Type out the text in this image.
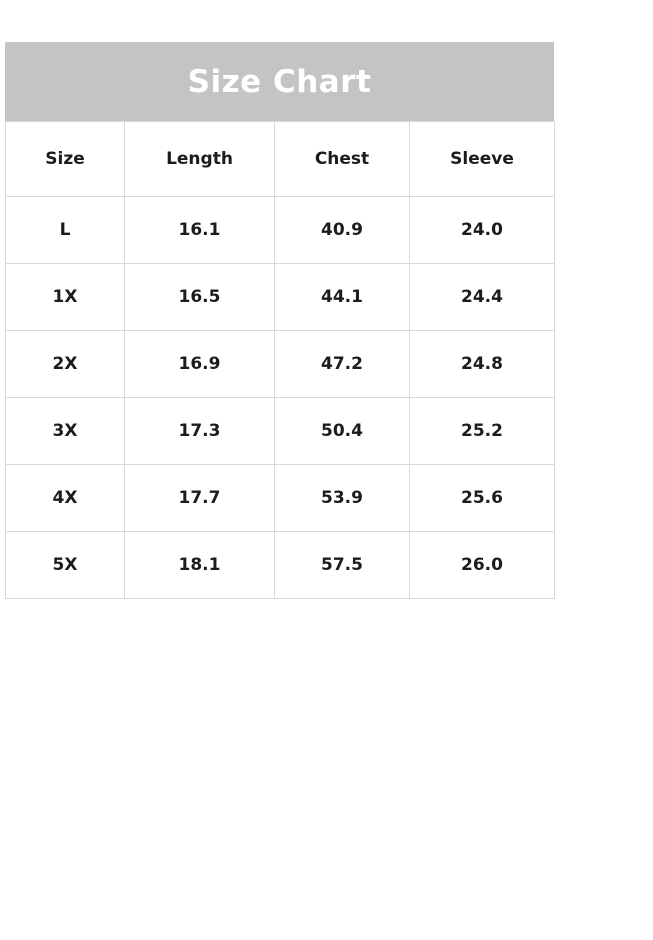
Size Chart
Size	Length	Chest	Sleeve
L	16.1	40.9	24.0
1X	16.5	44.1	24.4
2X	16.9	47.2	24.8
3X	17.3	50.4	25.2
4X	17.7	53.9	25.6
5X	18.1	57.5	26.0
